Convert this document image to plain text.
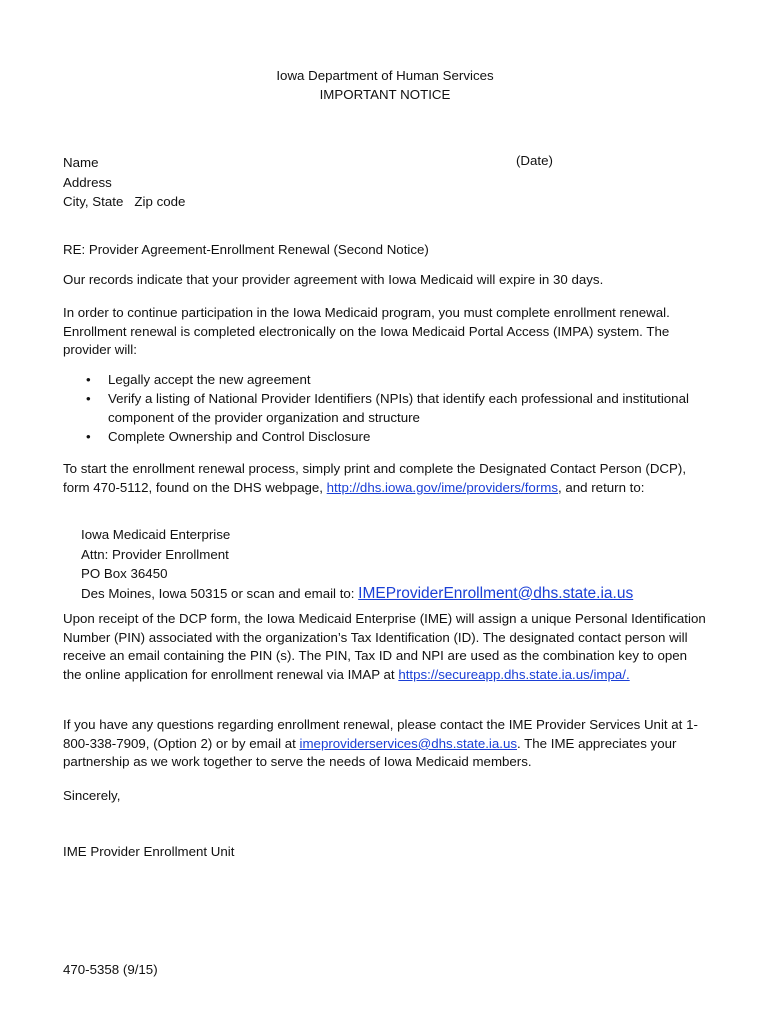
Iowa Department of Human Services
IMPORTANT NOTICE
Name
Address
City, State   Zip code
(Date)
RE: Provider Agreement-Enrollment Renewal (Second Notice)
Our records indicate that your provider agreement with Iowa Medicaid will expire in 30 days.
In order to continue participation in the Iowa Medicaid program, you must complete enrollment renewal. Enrollment renewal is completed electronically on the Iowa Medicaid Portal Access (IMPA) system. The provider will:
• Legally accept the new agreement
• Verify a listing of National Provider Identifiers (NPIs) that identify each professional and institutional component of the provider organization and structure
• Complete Ownership and Control Disclosure
To start the enrollment renewal process, simply print and complete the Designated Contact Person (DCP), form 470-5112, found on the DHS webpage, http://dhs.iowa.gov/ime/providers/forms, and return to:
Iowa Medicaid Enterprise
Attn: Provider Enrollment
PO Box 36450
Des Moines, Iowa 50315 or scan and email to: IMEProviderEnrollment@dhs.state.ia.us
Upon receipt of the DCP form, the Iowa Medicaid Enterprise (IME) will assign a unique Personal Identification Number (PIN) associated with the organization’s Tax Identification (ID). The designated contact person will receive an email containing the PIN (s). The PIN, Tax ID and NPI are used as the combination key to open the online application for enrollment renewal via IMAP at https://secureapp.dhs.state.ia.us/impa/.
If you have any questions regarding enrollment renewal, please contact the IME Provider Services Unit at 1-800-338-7909, (Option 2) or by email at imeproviderservices@dhs.state.ia.us. The IME appreciates your partnership as we work together to serve the needs of Iowa Medicaid members.
Sincerely,
IME Provider Enrollment Unit
470-5358 (9/15)
